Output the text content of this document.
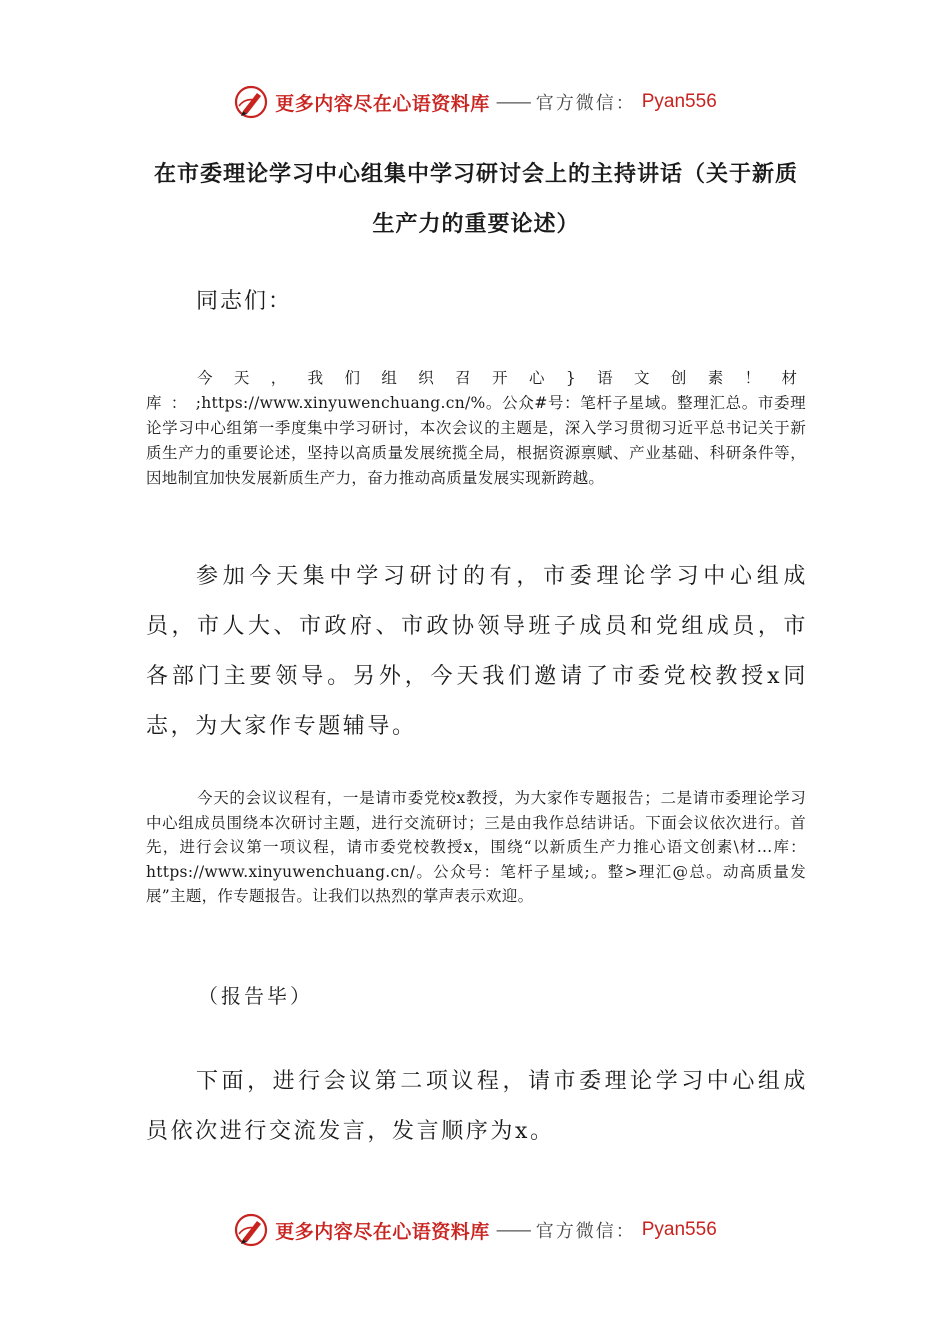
更多内容尽在心语资料库 —— 官方微信： Pyan556
在市委理论学习中心组集中学习研讨会上的主持讲话（关于新质生产力的重要论述）

同志们：

今天，我们组织召开心}语文创素！材库：;https://www.xinyuwenchuang.cn/%。公众#号：笔杆子星域。整理汇总。市委理论学习中心组第一季度集中学习研讨，本次会议的主题是，深入学习贯彻习近平总书记关于新质生产力的重要论述，坚持以高质量发展统揽全局，根据资源禀赋、产业基础、科研条件等，因地制宜加快发展新质生产力，奋力推动高质量发展实现新跨越。

参加今天集中学习研讨的有，市委理论学习中心组成员，市人大、市政府、市政协领导班子成员和党组成员，市各部门主要领导。另外，今天我们邀请了市委党校教授x同志，为大家作专题辅导。

今天的会议议程有，一是请市委党校x教授，为大家作专题报告；二是请市委理论学习中心组成员围绕本次研讨主题，进行交流研讨；三是由我作总结讲话。下面会议依次进行。首先，进行会议第一项议程，请市委党校教授x，围绕“以新质生产力推心语文创素\材…库：https://www.xinyuwenchuang.cn/。公众号：笔杆子星域;。整>理汇@总。动高质量发展”主题，作专题报告。让我们以热烈的掌声表示欢迎。

（报告毕）

下面，进行会议第二项议程，请市委理论学习中心组成员依次进行交流发言，发言顺序为x。

更多内容尽在心语资料库 —— 官方微信： Pyan556
